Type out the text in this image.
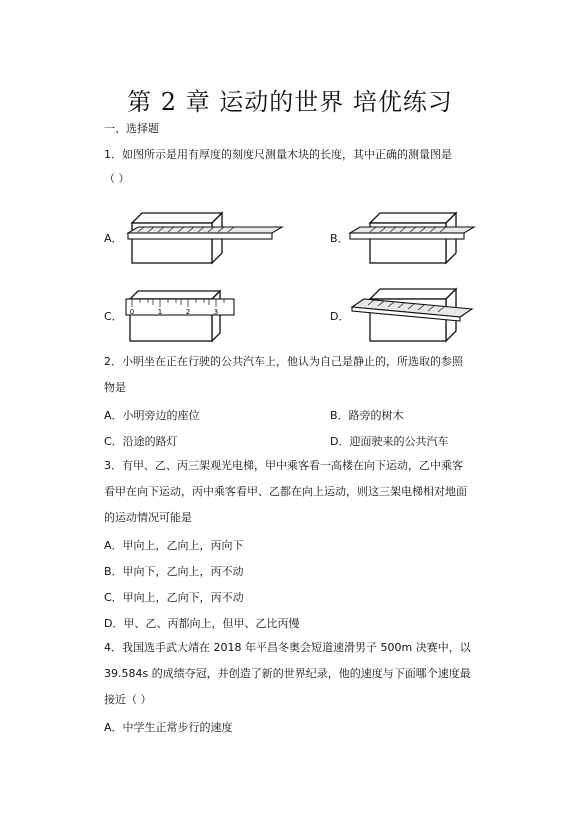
第 2 章 运动的世界 培优练习
一、选择题
1．如图所示是用有厚度的刻度尺测量木块的长度，其中正确的测量图是
（ ）
A．	B．
C． 0	1	2	3	D．
2．小明坐在正在行驶的公共汽车上，他认为自己是静止的，所选取的参照
物是
A．小明旁边的座位	B．路旁的树木
C．沿途的路灯	D．迎面驶来的公共汽车
3．有甲、乙、丙三架观光电梯，甲中乘客看一高楼在向下运动，乙中乘客
看甲在向下运动，丙中乘客看甲、乙都在向上运动，则这三架电梯相对地面
的运动情况可能是
A．甲向上，乙向上，丙向下
B．甲向下，乙向上，丙不动
C．甲向上，乙向下，丙不动
D．甲、乙、丙都向上，但甲、乙比丙慢
4．我国选手武大靖在 2018 年平昌冬奥会短道速滑男子 500m 决赛中，以
39.584s 的成绩夺冠，并创造了新的世界纪录，他的速度与下面哪个速度最
接近（ ）
A．中学生正常步行的速度
